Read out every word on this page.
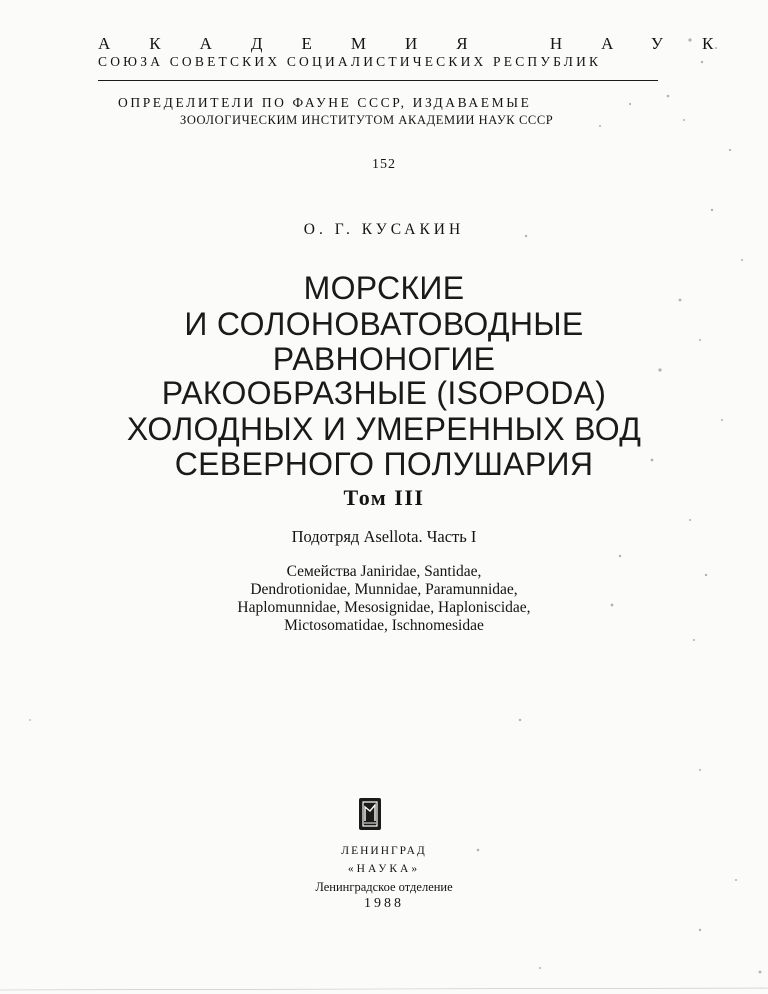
АКАДЕМИЯ НАУК
СОЮЗА СОВЕТСКИХ СОЦИАЛИСТИЧЕСКИХ РЕСПУБЛИК
ОПРЕДЕЛИТЕЛИ ПО ФАУНЕ СССР, ИЗДАВАЕМЫЕ
ЗООЛОГИЧЕСКИМ ИНСТИТУТОМ АКАДЕМИИ НАУК СССР
152
О. Г. КУСАКИН
МОРСКИЕ
И СОЛОНОВАТОВОДНЫЕ
РАВНОНОГИЕ
РАКООБРАЗНЫЕ (ISOPODA)
ХОЛОДНЫХ И УМЕРЕННЫХ ВОД
СЕВЕРНОГО ПОЛУШАРИЯ
Том III
Подотряд Asellota. Часть I
Семейства Janiridae, Santidae,
Dendrotionidae, Munnidae, Paramunnidae,
Haplomunnidae, Mesosignidae, Haploniscidae,
Mictosomatidae, Ischnomesidae
ЛЕНИНГРАД
«НАУКА»
Ленинградское отделение
1988
